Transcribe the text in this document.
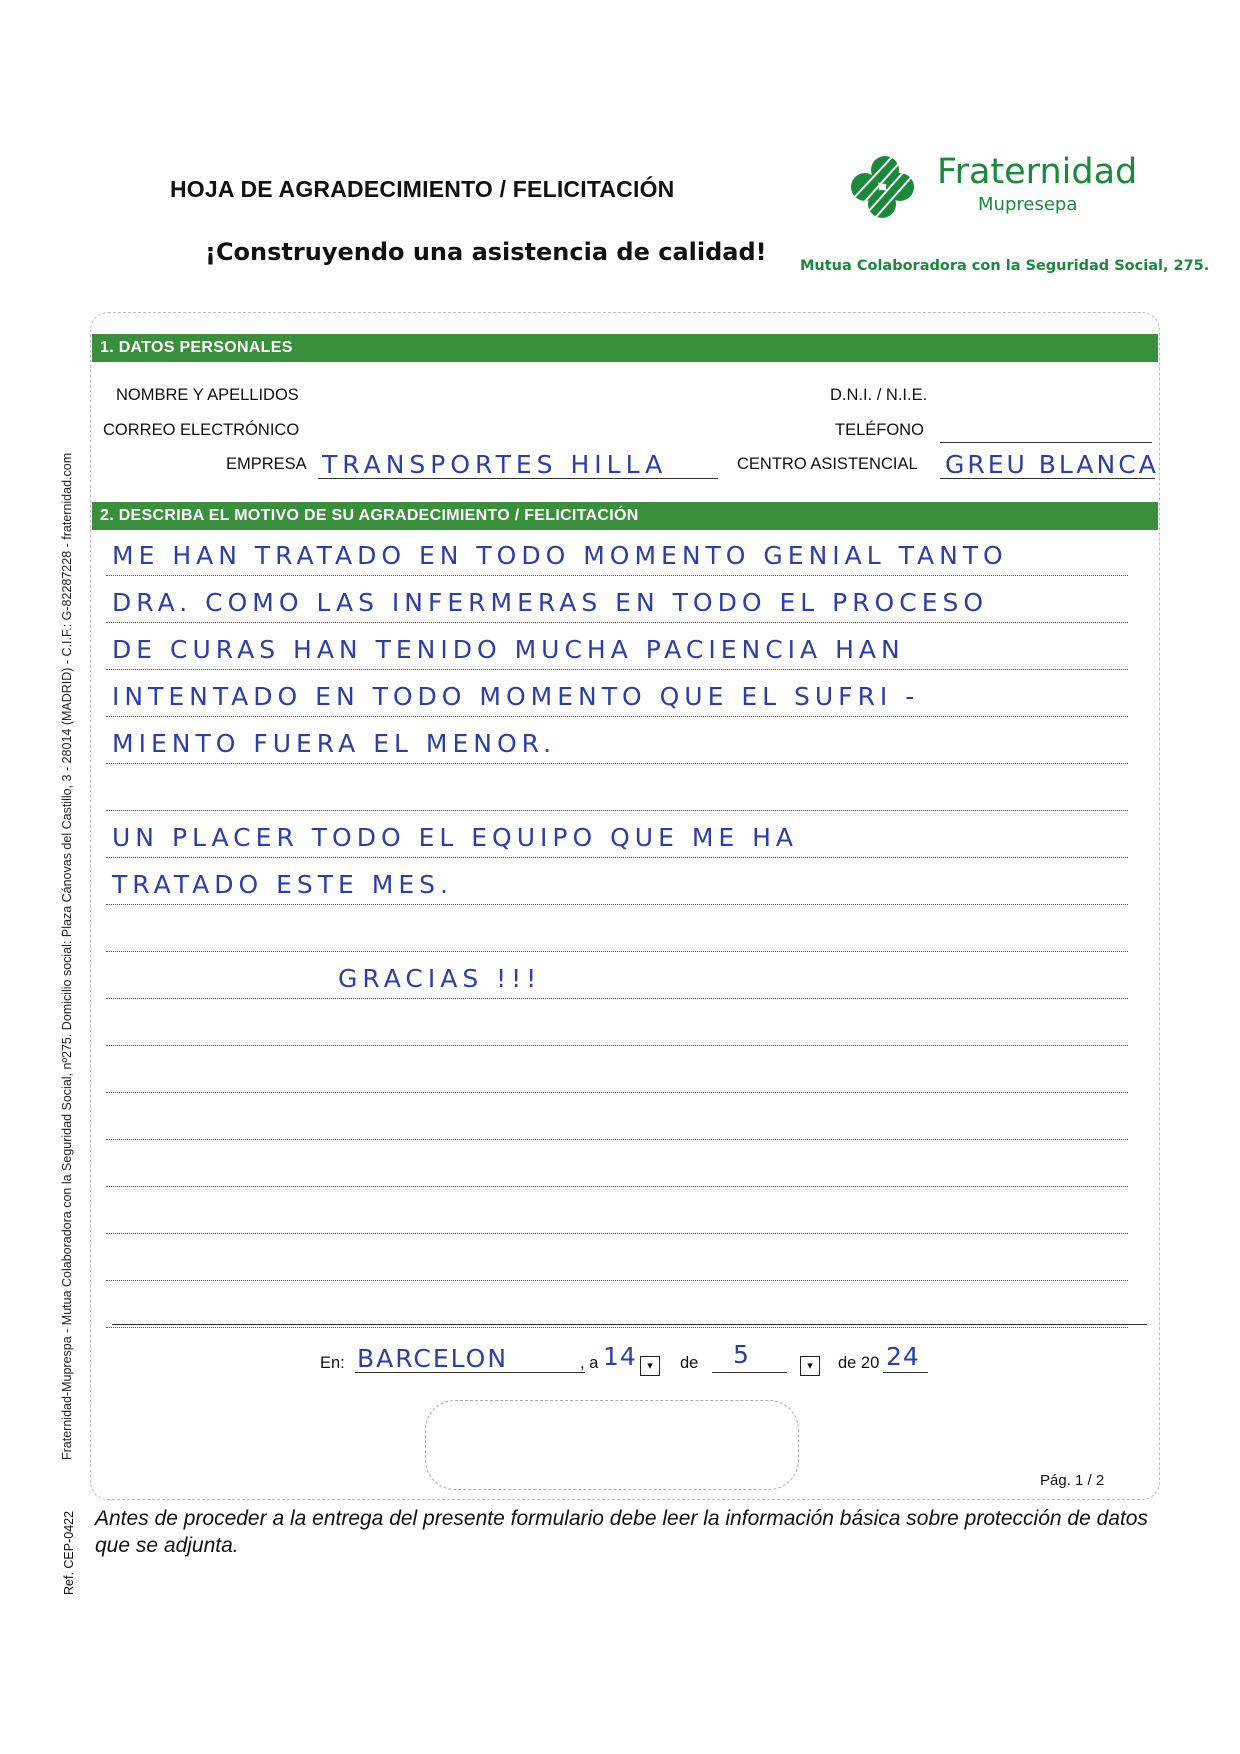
HOJA DE AGRADECIMIENTO / FELICITACIÓN
¡Construyendo una asistencia de calidad!
Fraternidad
Mupresepa
Mutua Colaboradora con la Seguridad Social, 275.
1. DATOS PERSONALES
NOMBRE Y APELLIDOS	D.N.I. / N.I.E.
CORREO ELECTRÓNICO	TELÉFONO
EMPRESA TRANSPORTES HILLA	CENTRO ASISTENCIAL GREU BLANCA
2. DESCRIBA EL MOTIVO DE SU AGRADECIMIENTO / FELICITACIÓN
ME HAN TRATADO EN TODO MOMENTO GENIAL TANTO
DRA. COMO LAS INFERMERAS EN TODO EL PROCESO
DE CURAS HAN TENIDO MUCHA PACIENCIA HAN
INTENTADO EN TODO MOMENTO QUE EL SUFRI -
MIENTO FUERA EL MENOR.
UN PLACER TODO EL EQUIPO QUE ME HA
TRATADO ESTE MES.
GRACIAS !!!
En: BARCELON	, a 14 ▾	de 5	▾	de 20 24
Pág. 1 / 2
Fraternidad-Muprespa - Mutua Colaboradora con la Seguridad Social, nº275. Domicilio social: Plaza Cánovas del Castillo, 3 - 28014 (MADRID) - C.I.F.: G-82287228 - fraternidad.com
Ref. CEP-0422 Antes de proceder a la entrega del presente formulario debe leer la información básica sobre protección de datos que se adjunta.
